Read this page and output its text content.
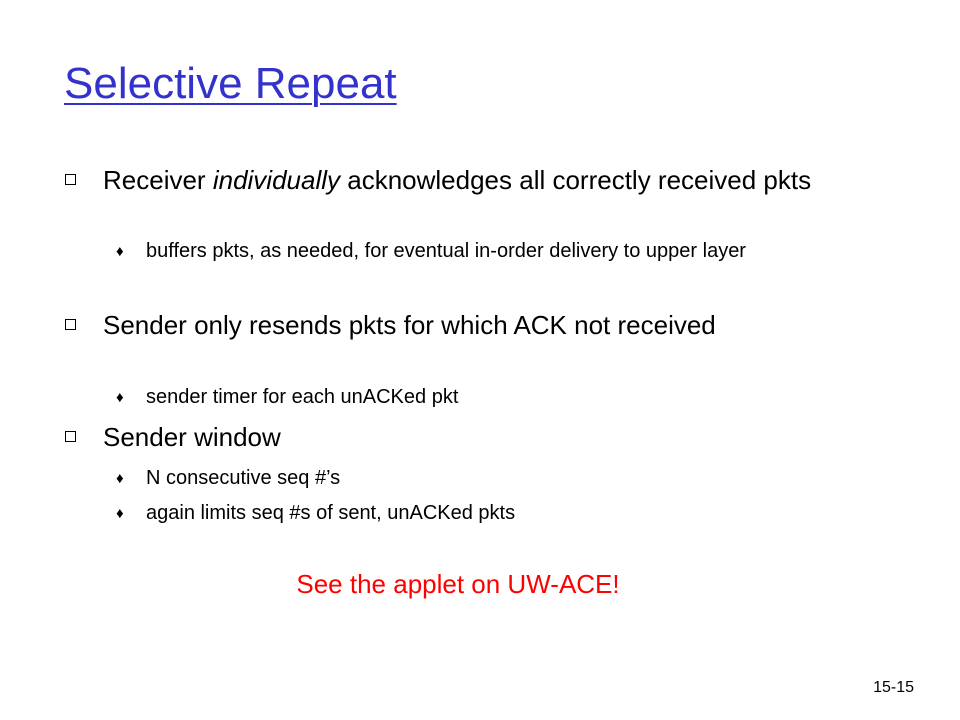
Selective Repeat
Receiver individually acknowledges all correctly received pkts
♦ buffers pkts, as needed, for eventual in-order delivery to upper layer
Sender only resends pkts for which ACK not received
♦ sender timer for each unACKed pkt
Sender window
♦ N consecutive seq #’s
♦ again limits seq #s of sent, unACKed pkts
See the applet on UW-ACE!
15-15
